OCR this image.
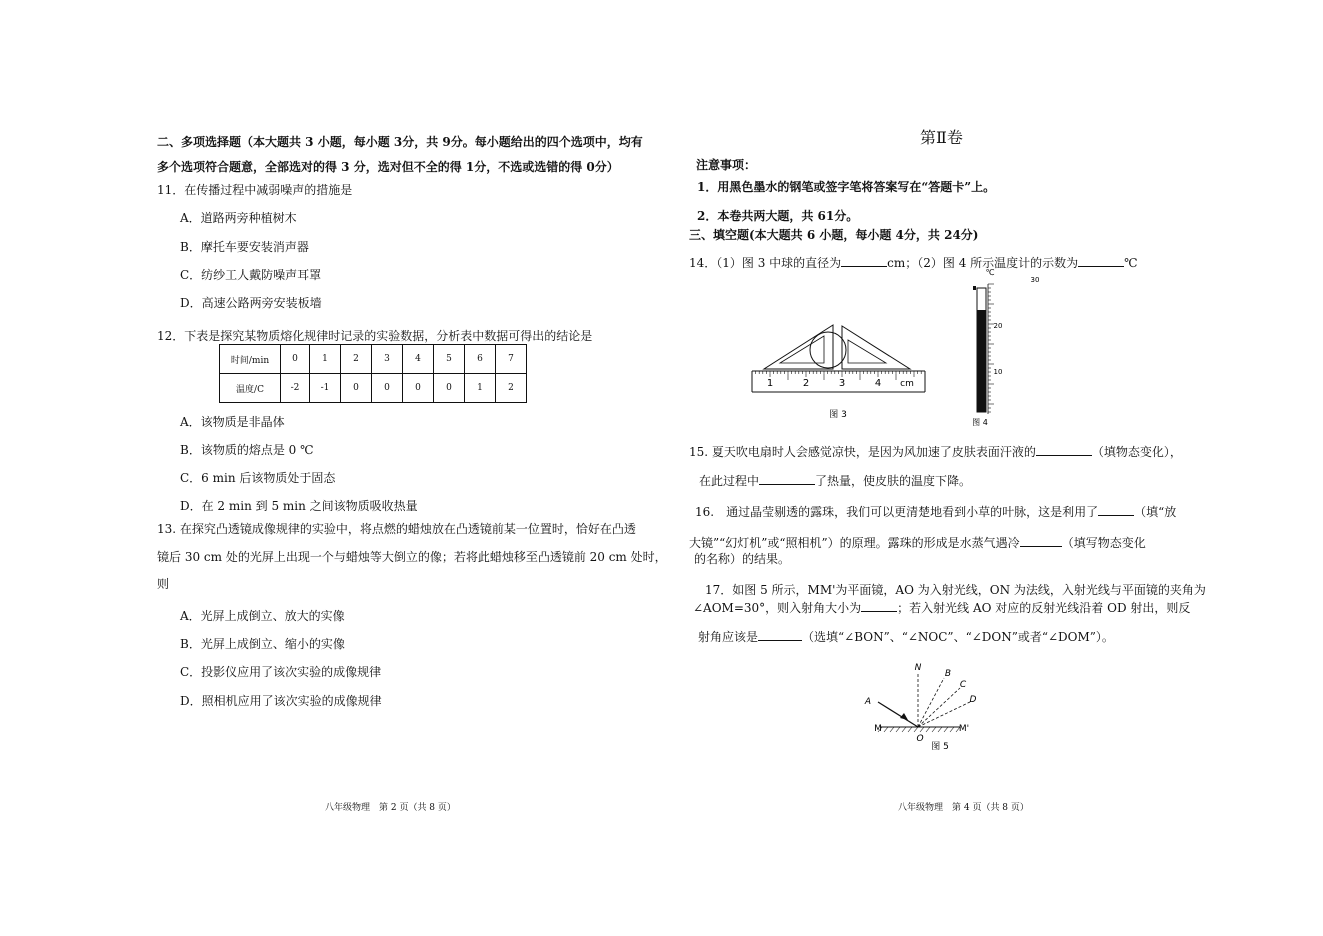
二、多项选择题（本大题共 3 小题，每小题 3分，共 9分。每小题给出的四个选项中，均有
多个选项符合题意，全部选对的得 3 分，选对但不全的得 1分，不选或选错的得 0分）
11．在传播过程中减弱噪声的措施是
A．道路两旁种植树木
B．摩托车要安装消声器
C．纺纱工人戴防噪声耳罩
D．高速公路两旁安装板墙
12．下表是探究某物质熔化规律时记录的实验数据，分析表中数据可得出的结论是
时间/min	0	1	2	3	4	5	6	7
温度/C	-2	-1	0	0	0	0	1	2
A．该物质是非晶体
B．该物质的熔点是 0 ℃
C．6 min 后该物质处于固态
D．在 2 min 到 5 min 之间该物质吸收热量
13. 在探究凸透镜成像规律的实验中，将点燃的蜡烛放在凸透镜前某一位置时，恰好在凸透
镜后 30 cm 处的光屏上出现一个与蜡烛等大倒立的像；若将此蜡烛移至凸透镜前 20 cm 处时，
则
A．光屏上成倒立、放大的实像
B．光屏上成倒立、缩小的实像
C．投影仪应用了该次实验的成像规律
D．照相机应用了该次实验的成像规律
八年级物理　第 2 页（共 8 页）
第Ⅱ卷
注意事项：
1．用黑色墨水的钢笔或签字笔将答案写在“答题卡”上。
2．本卷共两大题，共 61分。
三、填空题(本大题共 6 小题，每小题 4分，共 24分)
14．（1）图 3 中球的直径为	cm；（2）图 4 所示温度计的示数为	℃
1	2	3	4 cm
图 3
℃
30
20
10
图 4
15. 夏天吹电扇时人会感觉凉快，是因为风加速了皮肤表面汗液的	（填物态变化），
在此过程中	了热量，使皮肤的温度下降。
16.　通过晶莹剔透的露珠，我们可以更清楚地看到小草的叶脉，这是利用了	（填“放
大镜”“幻灯机”或“照相机”）的原理。露珠的形成是水蒸气遇冷	（填写物态变化
的名称）的结果。
17．如图 5 所示，MM'为平面镜，AO 为入射光线，ON 为法线，入射光线与平面镜的夹角为
∠AOM=30°，则入射角大小为	；若入射光线 AO 对应的反射光线沿着 OD 射出，则反
射角应该是	（选填“∠BON”、“∠NOC”、“∠DON”或者“∠DOM”）。
N
B
C
D
A
M	M'
O
图 5
八年级物理　第 4 页（共 8 页）
